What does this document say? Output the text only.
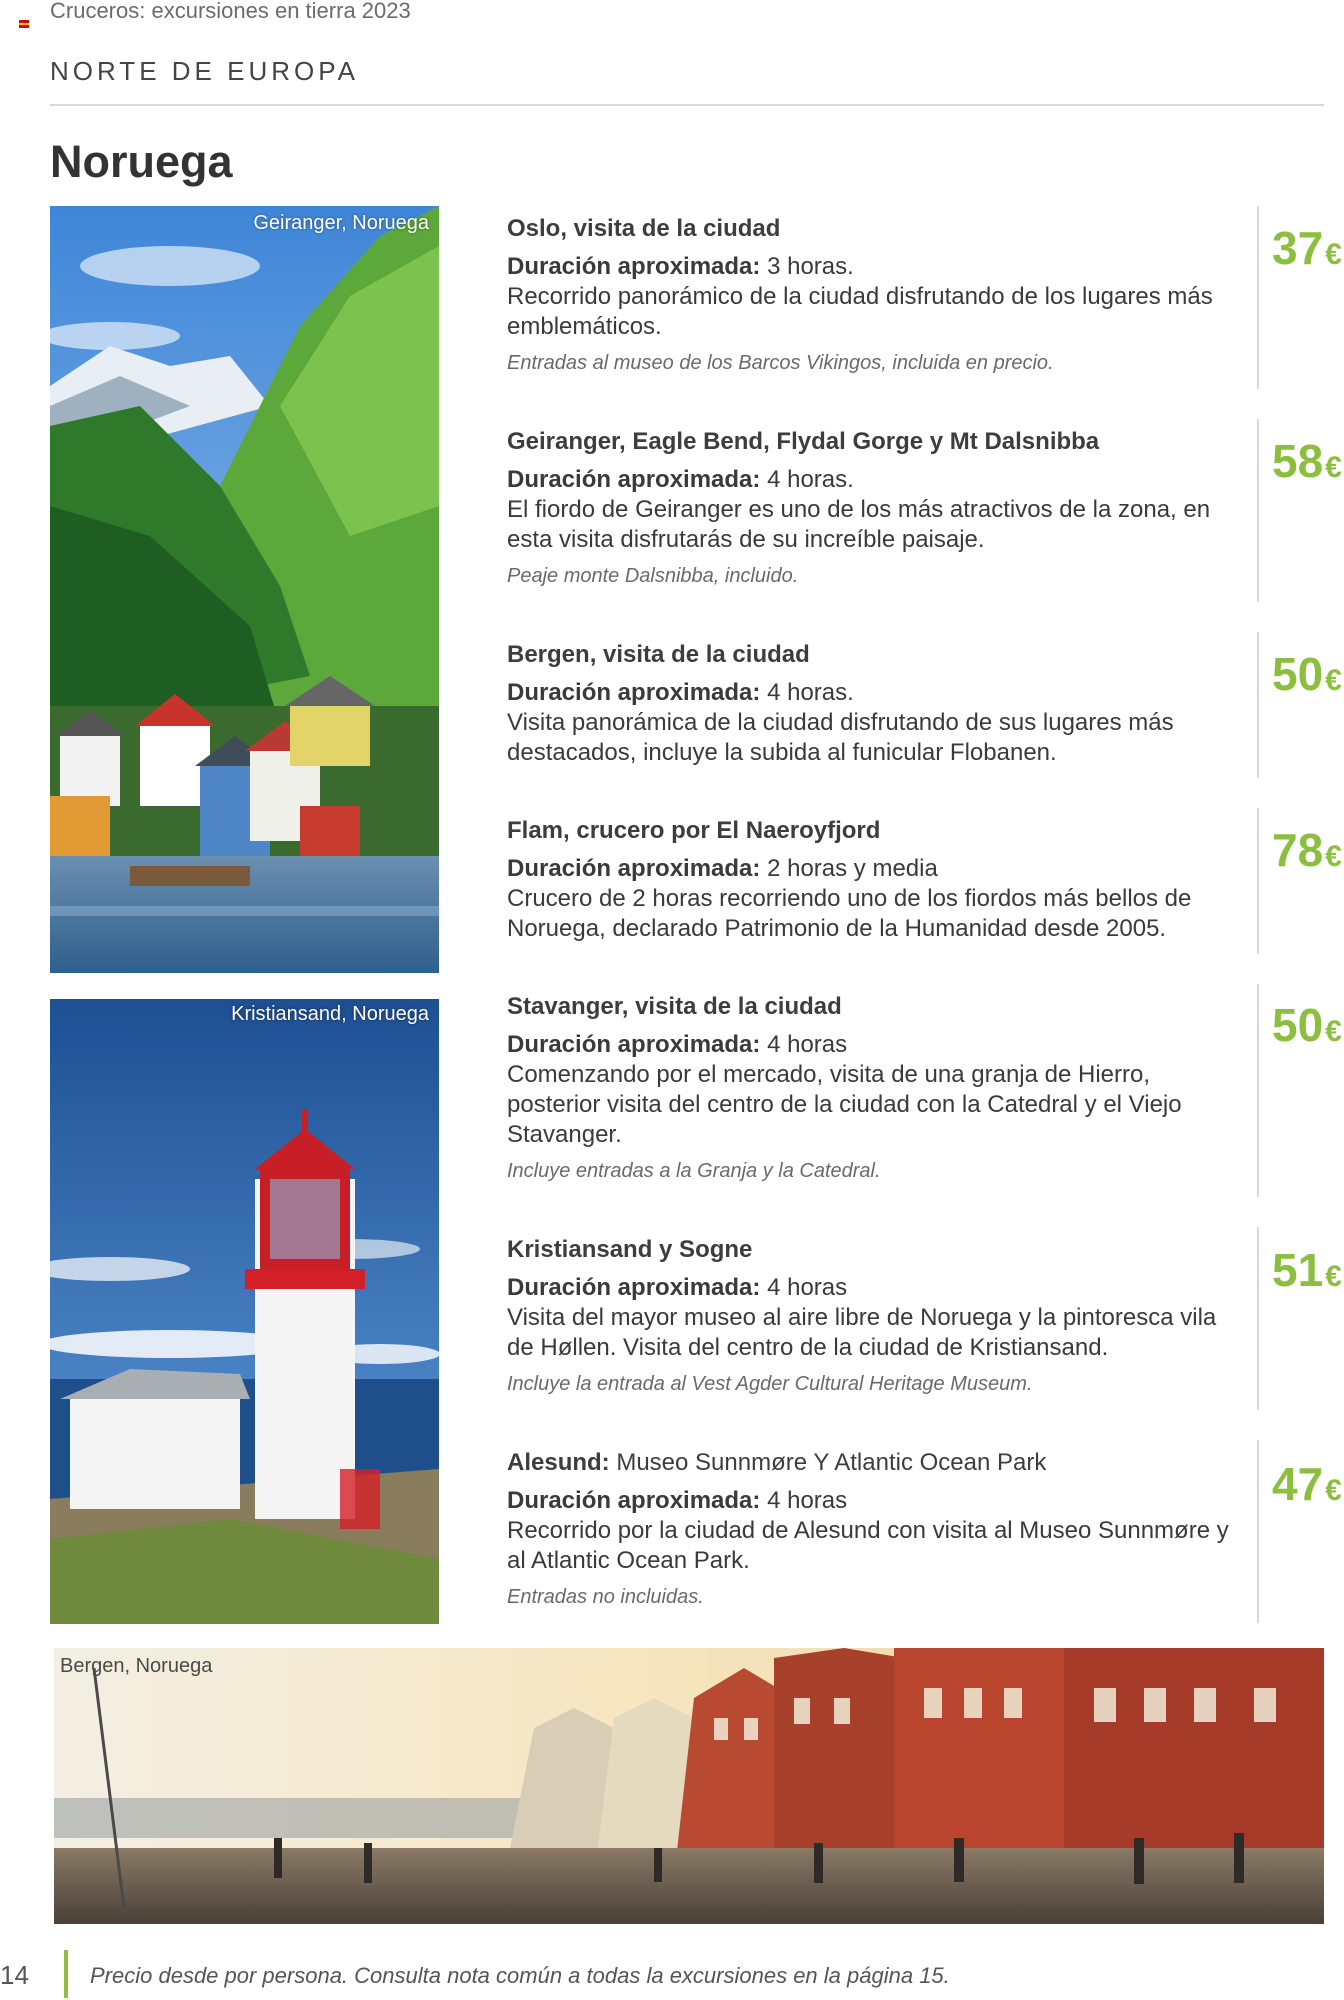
Cruceros: excursiones en tierra 2023
NORTE DE EUROPA
Noruega
Geiranger, Noruega
Kristiansand, Noruega
Oslo, visita de la ciudad
Duración aproximada: 3 horas.
Recorrido panorámico de la ciudad disfrutando de los lugares más emblemáticos.
Entradas al museo de los Barcos Vikingos, incluida en precio.
37€
Geiranger, Eagle Bend, Flydal Gorge y Mt Dalsnibba
Duración aproximada: 4 horas.
El fiordo de Geiranger es uno de los más atractivos de la zona, en esta visita disfrutarás de su increíble paisaje.
Peaje monte Dalsnibba, incluido.
58€
Bergen, visita de la ciudad
Duración aproximada: 4 horas.
Visita panorámica de la ciudad disfrutando de sus lugares más destacados, incluye la subida al funicular Flobanen.
50€
Flam, crucero por El Naeroyfjord
Duración aproximada: 2 horas y media
Crucero de 2 horas recorriendo uno de los fiordos más bellos de Noruega, declarado Patrimonio de la Humanidad desde 2005.
78€
Stavanger, visita de la ciudad
Duración aproximada: 4 horas
Comenzando por el mercado, visita de una granja de Hierro, posterior visita del centro de la ciudad con la Catedral y el Viejo Stavanger.
Incluye entradas a la Granja y la Catedral.
50€
Kristiansand y Sogne
Duración aproximada: 4 horas
Visita del mayor museo al aire libre de Noruega y la pintoresca vila de Høllen. Visita del centro de la ciudad de Kristiansand.
Incluye la entrada al Vest Agder Cultural Heritage Museum.
51€
Alesund: Museo Sunnmøre Y Atlantic Ocean Park
Duración aproximada: 4 horas
Recorrido por la ciudad de Alesund con visita al Museo Sunnmøre y al Atlantic Ocean Park.
Entradas no incluidas.
47€
Bergen, Noruega
14	Precio desde por persona. Consulta nota común a todas la excursiones en la página 15.
